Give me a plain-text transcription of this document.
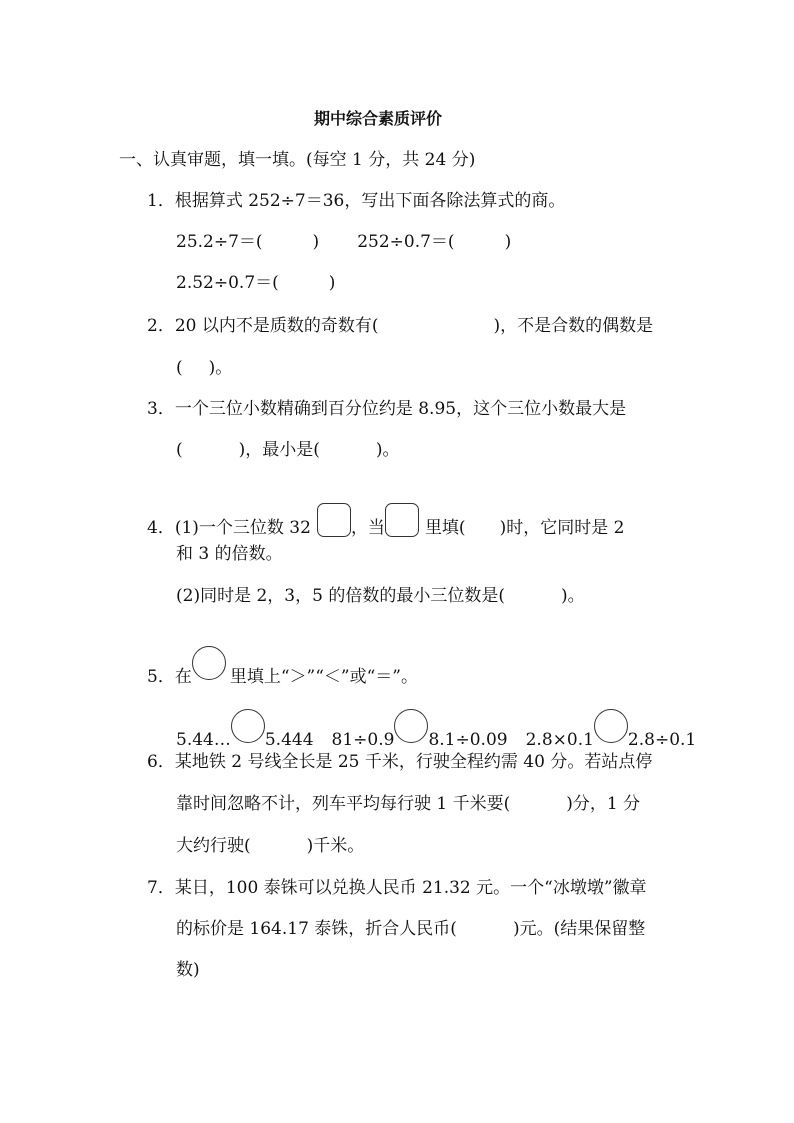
期中综合素质评价
一、认真审题，填一填。(每空 1 分，共 24 分)
1．根据算式 252÷7＝36，写出下面各除法算式的商。
25.2÷7＝(	) 252÷0.7＝(	)
2.52÷0.7＝(	)
2．20 以内不是质数的奇数有(	)，不是合数的偶数是
( )。
3．一个三位小数精确到百分位约是 8.95，这个三位小数最大是
(	)，最小是(	)。
4．(1)一个三位数 32 ，当 里填( )时，它同时是 2
和 3 的倍数。
(2)同时是 2，3，5 的倍数的最小三位数是(	)。
5．在 里填上“＞”“＜”或“＝”。
5.44… 5.444 81÷0.9 8.1÷0.09 2.8×0.1 2.8÷0.1
6．某地铁 2 号线全长是 25 千米，行驶全程约需 40 分。若站点停
靠时间忽略不计，列车平均每行驶 1 千米要(	)分，1 分
大约行驶(	)千米。
7．某日，100 泰铢可以兑换人民币 21.32 元。一个“冰墩墩”徽章
的标价是 164.17 泰铢，折合人民币(	)元。(结果保留整
数)
